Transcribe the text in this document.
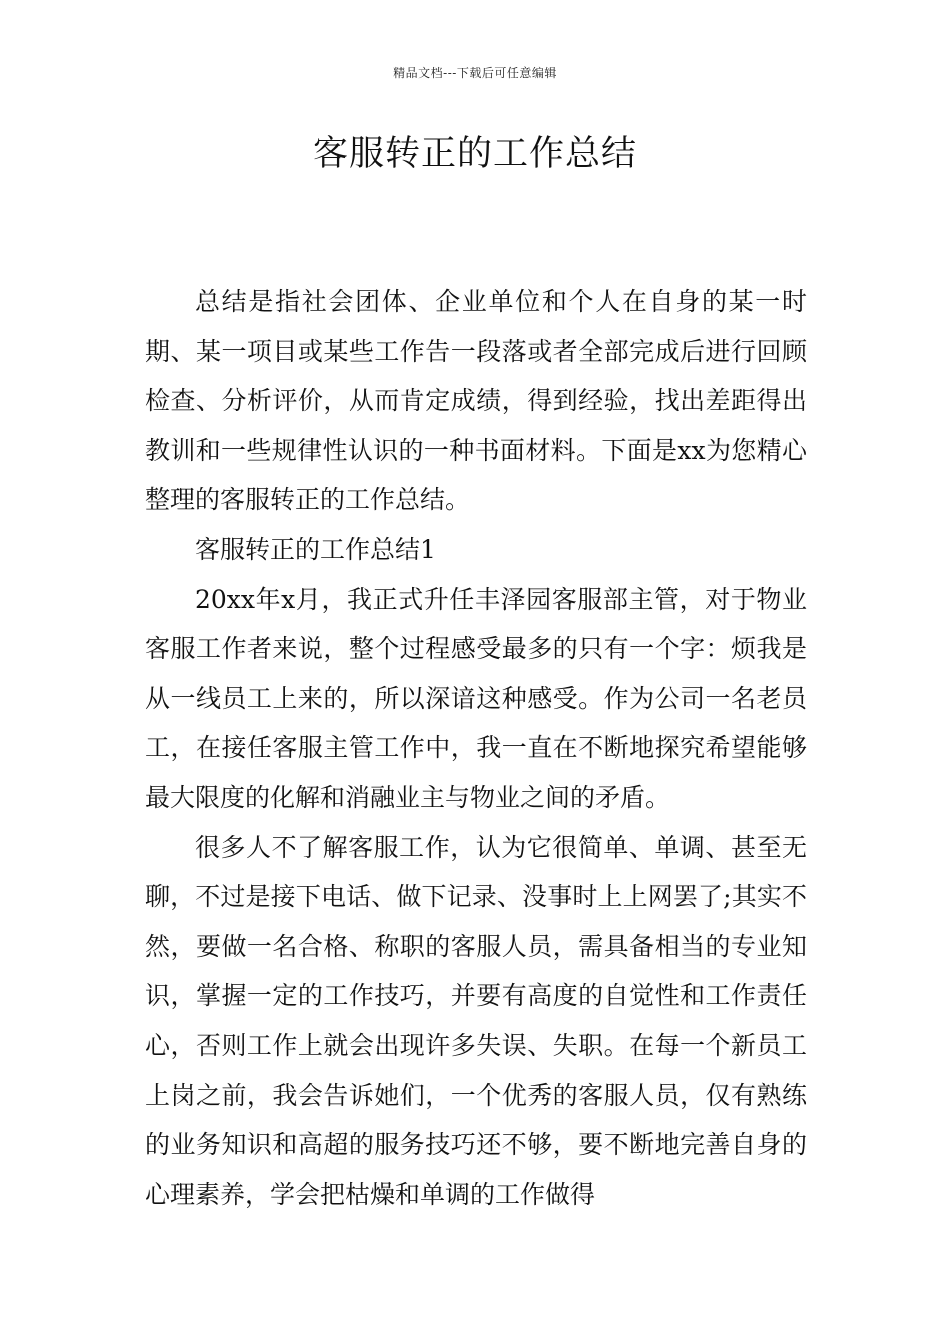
精品文档---下载后可任意编辑
客服转正的工作总结

总结是指社会团体、企业单位和个人在自身的某一时期、某一项目或某些工作告一段落或者全部完成后进行回顾检查、分析评价，从而肯定成绩，得到经验，找出差距得出教训和一些规律性认识的一种书面材料。下面是xx为您精心整理的客服转正的工作总结。

客服转正的工作总结1

20xx年x月，我正式升任丰泽园客服部主管，对于物业客服工作者来说，整个过程感受最多的只有一个字：烦我是从一线员工上来的，所以深谙这种感受。作为公司一名老员工，在接任客服主管工作中，我一直在不断地探究希望能够最大限度的化解和消融业主与物业之间的矛盾。

很多人不了解客服工作，认为它很简单、单调、甚至无聊，不过是接下电话、做下记录、没事时上上网罢了;其实不然，要做一名合格、称职的客服人员，需具备相当的专业知识，掌握一定的工作技巧，并要有高度的自觉性和工作责任心，否则工作上就会出现许多失误、失职。在每一个新员工上岗之前，我会告诉她们，一个优秀的客服人员，仅有熟练的业务知识和高超的服务技巧还不够，要不断地完善自身的心理素养，学会把枯燥和单调的工作做得
